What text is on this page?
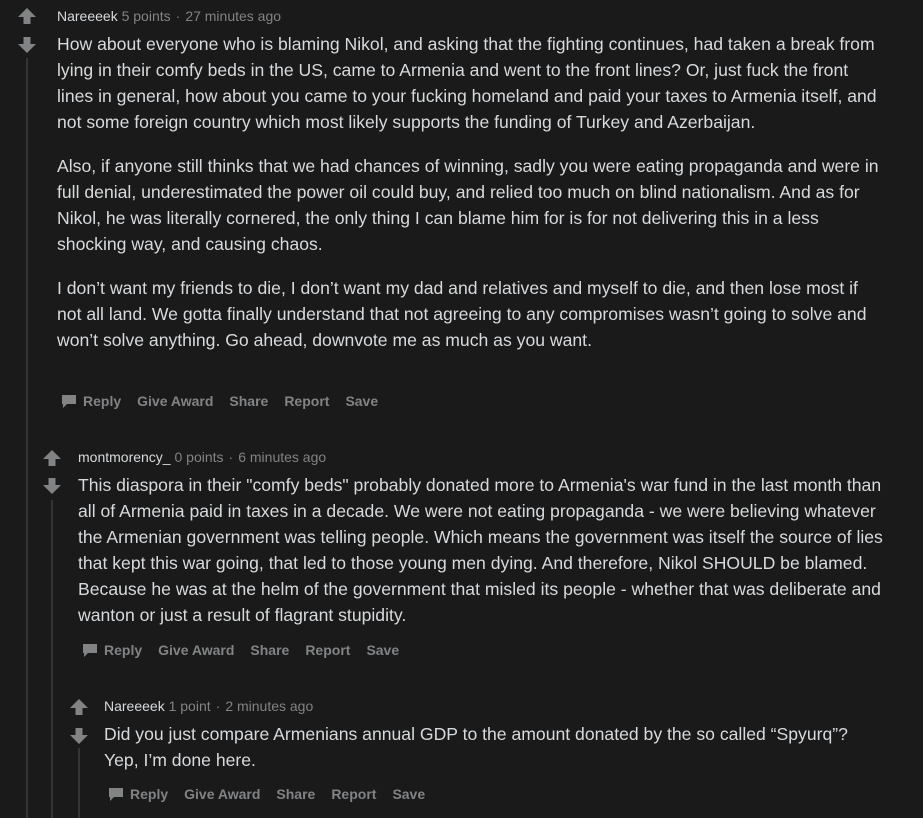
Nareeeek 5 points · 27 minutes ago

How about everyone who is blaming Nikol, and asking that the fighting continues, had taken a break from lying in their comfy beds in the US, came to Armenia and went to the front lines? Or, just fuck the front lines in general, how about you came to your fucking homeland and paid your taxes to Armenia itself, and not some foreign country which most likely supports the funding of Turkey and Azerbaijan.

Also, if anyone still thinks that we had chances of winning, sadly you were eating propaganda and were in full denial, underestimated the power oil could buy, and relied too much on blind nationalism. And as for Nikol, he was literally cornered, the only thing I can blame him for is for not delivering this in a less shocking way, and causing chaos.

I don’t want my friends to die, I don’t want my dad and relatives and myself to die, and then lose most if not all land. We gotta finally understand that not agreeing to any compromises wasn’t going to solve and won’t solve anything. Go ahead, downvote me as much as you want.

Reply Give Award Share Report Save
montmorency_ 0 points · 6 minutes ago

This diaspora in their "comfy beds" probably donated more to Armenia's war fund in the last month than all of Armenia paid in taxes in a decade. We were not eating propaganda - we were believing whatever the Armenian government was telling people. Which means the government was itself the source of lies that kept this war going, that led to those young men dying. And therefore, Nikol SHOULD be blamed. Because he was at the helm of the government that misled its people - whether that was deliberate and wanton or just a result of flagrant stupidity.

Reply Give Award Share Report Save
Nareeeek 1 point · 2 minutes ago

Did you just compare Armenians annual GDP to the amount donated by the so called “Spyurq”? Yep, I’m done here.

Reply Give Award Share Report Save
